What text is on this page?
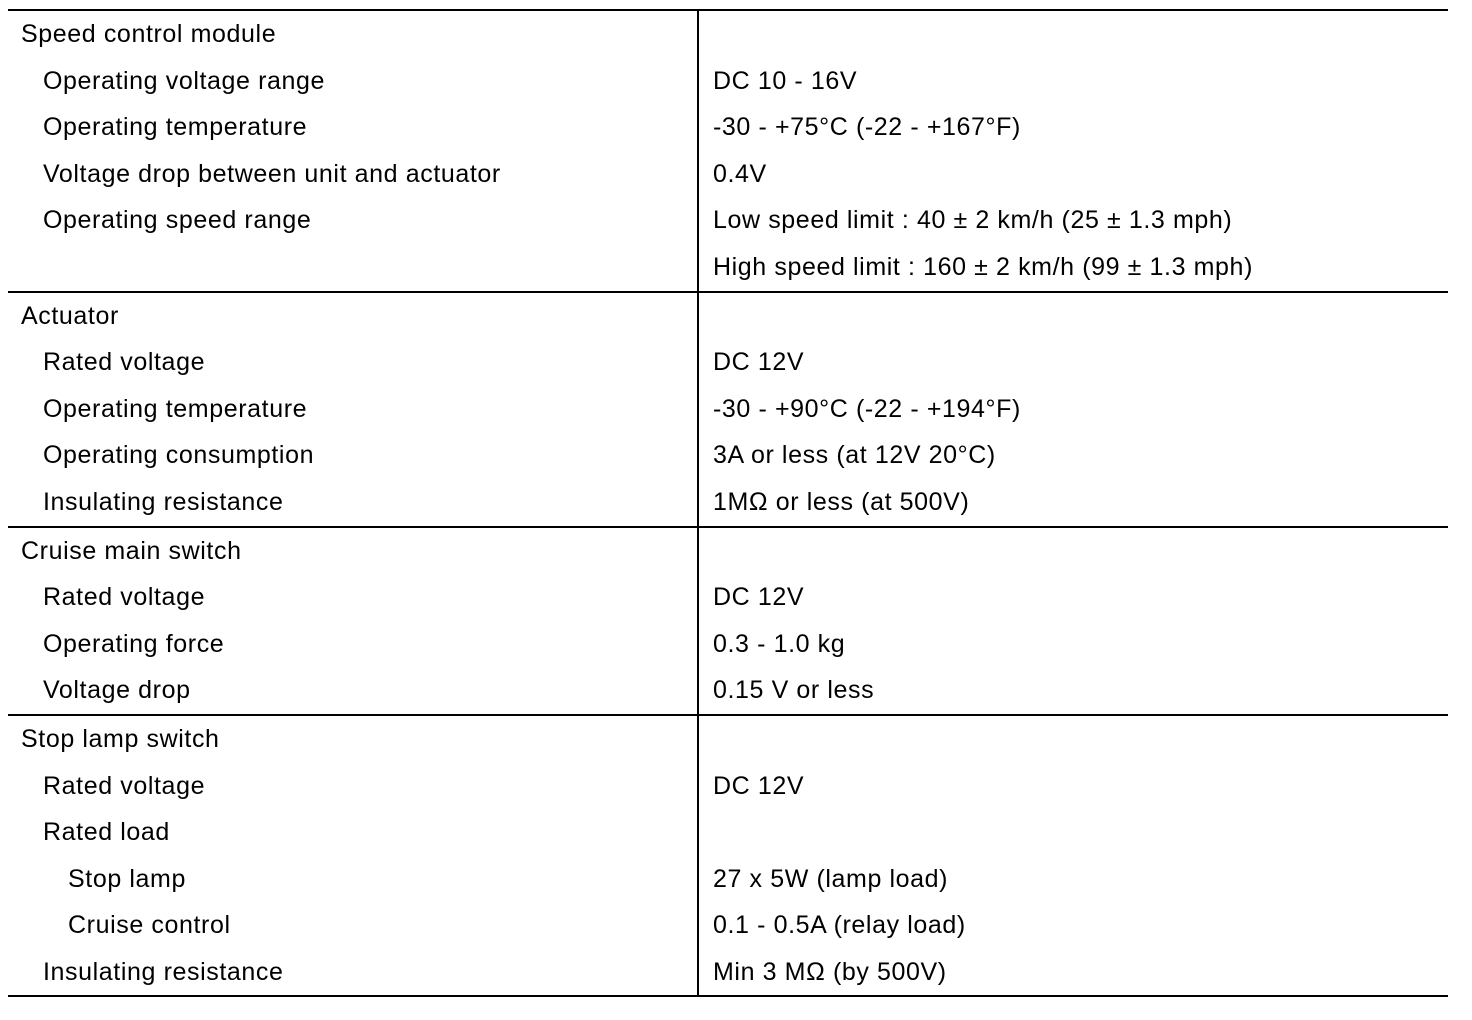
Speed control module	
Operating voltage range	DC 10 - 16V
Operating temperature	-30 - +75°C (-22 - +167°F)
Voltage drop between unit and actuator	0.4V
Operating speed range	Low speed limit : 40 ± 2 km/h (25 ± 1.3 mph)
	High speed limit : 160 ± 2 km/h (99 ± 1.3 mph)
Actuator	
Rated voltage	DC 12V
Operating temperature	-30 - +90°C (-22 - +194°F)
Operating consumption	3A or less (at 12V 20°C)
Insulating resistance	1MΩ or less (at 500V)
Cruise main switch	
Rated voltage	DC 12V
Operating force	0.3 - 1.0 kg
Voltage drop	0.15 V or less
Stop lamp switch	
Rated voltage	DC 12V
Rated load	
Stop lamp	27 x 5W (lamp load)
Cruise control	0.1 - 0.5A (relay load)
Insulating resistance	Min 3 MΩ (by 500V)
